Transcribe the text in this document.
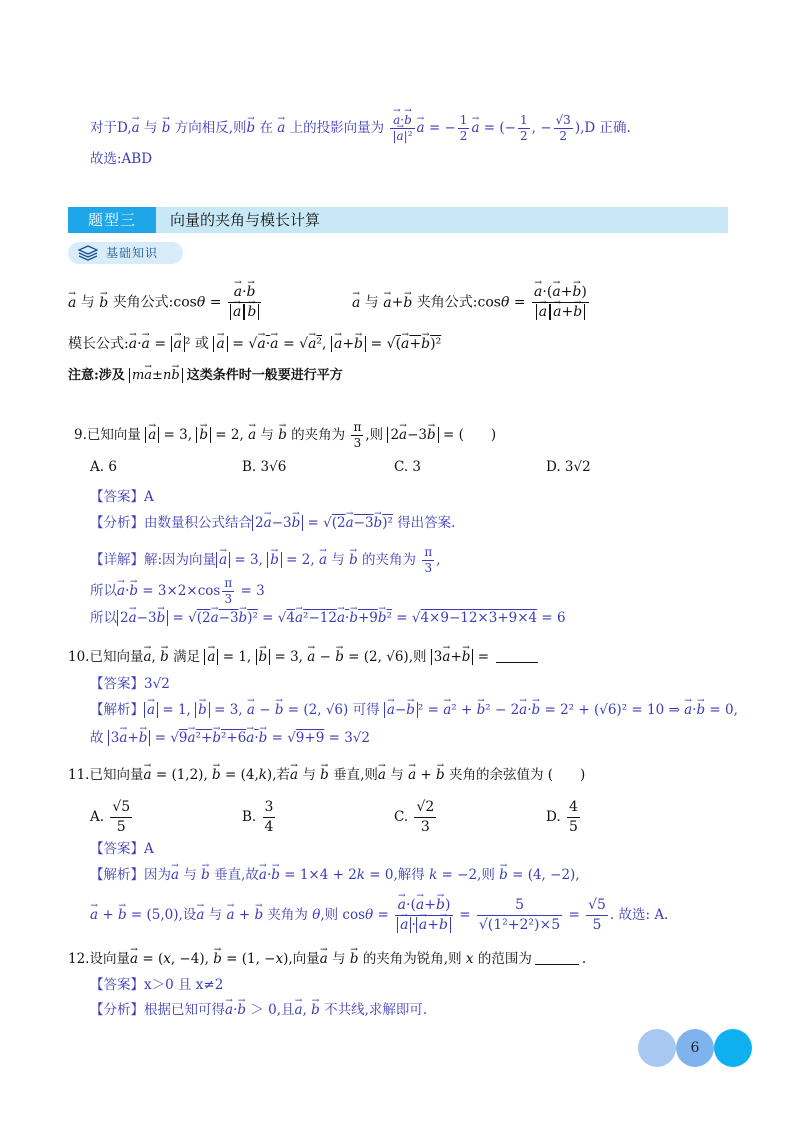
对于D,→ a 与 → b 方向相反,则→ b 在 → a 上的投影向量为 → $\frac{a\cdot\to b}{\text{|→ a|²}} \to a$ = − $\frac{1}{2} \to a$ = (− $\frac{1}{2}$ , − $\frac{√3}{2} ),D$ 正确.
故选:ABD
题型三	向量的夹角与模长计算
基础知识
→ a 与 → b 夹角公式:cosθ = → a·→ b
→ a → b	→ a 与 → a+→ b 夹角公式:cosθ = → a·(→ a+→ b)
→ a → a+→ b
模长公式:→ a·→ a = → a ² 或 → a = √→ a·→ a = √→ a², → a+→ b = √(→ a+→ b)²
注意:涉及 m→ a±n→ b 这类条件时一般要进行平方
9.已知向量 → a = 3, → b = 2, → a 与 → b 的夹角为 $\frac{\pi}{3}$ ,则 2→ a−3→ b = (　　)
A. 6	B. 3√6	C. 3	D. 3√2
【答案】A
【分析】由数量积公式结合 2→ a−3→ b = √(2→ a−3→ b)² 得出答案.
【详解】解:因为向量 → a = 3, → b = 2, → a 与 → b 的夹角为 $\frac{\pi}{3}$ ,
所以→ $a\cdot\to b = 3\times 2\times\cos \frac{\pi}{3} = 3$
所以 2→ a−3→ b = √(2→ a−3→ b)² = √4→ a²−12→ a·→ b+9→ b² = √4×9−12×3+9×4 = 6
10.已知向量→ a, → b 满足 → a = 1, → b = 3, → a − → b = (2, √6),则 3→ a+→ b =
【答案】3√2
【解析】 → a = 1, → b = 3, → a − → b = (2, √6) 可得 → a−→ b ² = → a² + → b² − 2→ a·→ b = 2² + (√6)² = 10 ⇒ → a·→ b = 0,
故 3→ a+→ b = √9→ a²+→ b²+6→ a·→ b = √9+9 = 3√2
11.已知向量→ a = (1,2), → b = (4,k),若→ a 与 → b 垂直,则→ a 与 → a + → b 夹角的余弦值为 (　　)
A. $\frac{√5}{5}$	B. $\frac{3}{4}$	C. $\frac{√2}{3}$	D. $\frac{4}{5}$
【答案】A
【解析】因为→ a 与 → b 垂直,故→ a·→ b = 1×4 + 2k = 0,解得 k = −2,则 → b = (4, −2),
→ a + → b = (5,0),设→ a 与 → a + → b 夹角为 θ,则 cosθ = → a·(→ a+→ b)
→ a · → $a+\to b = \frac{5}{\text{√(1²+2²)×5}} = \frac{√5}{5}$ . 故选: A.
12.设向量→ a = (x, −4), → b = (1, −x),向量→ a 与 → b 的夹角为锐角,则 x 的范围为	.
【答案】x＞0 且 x≠2
【分析】根据已知可得→ a·→ b ＞ 0,且→ a, → b 不共线,求解即可.
6
